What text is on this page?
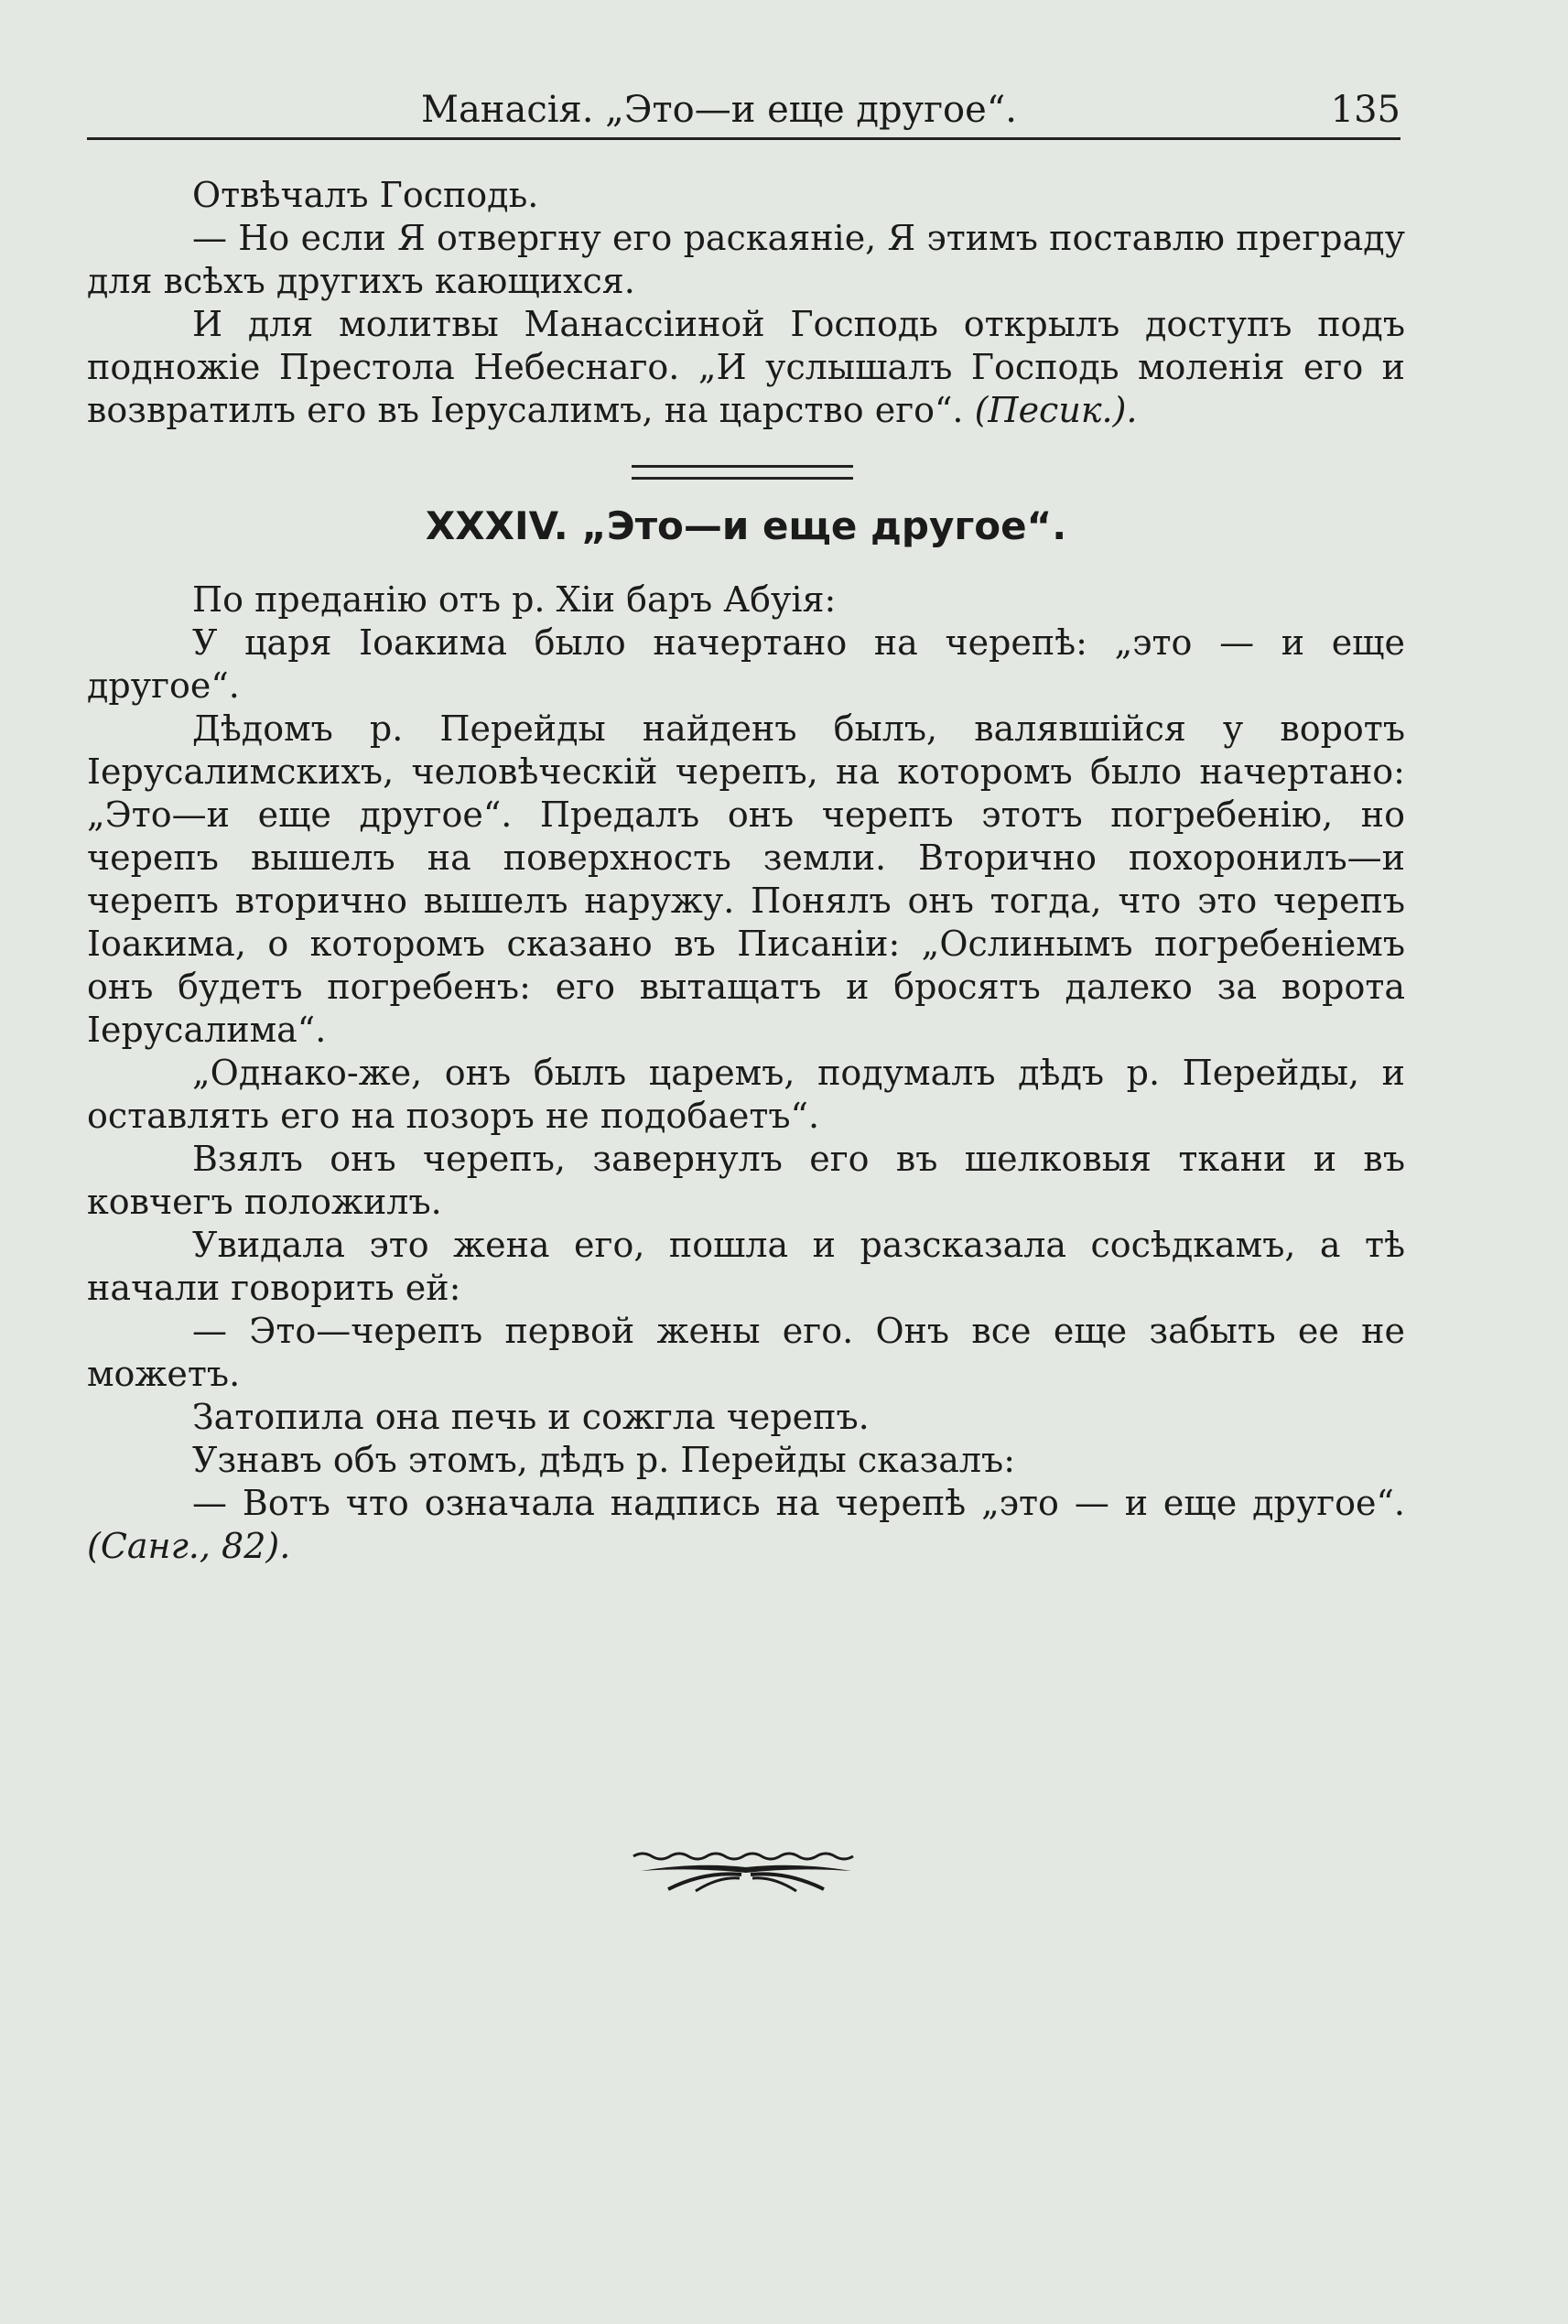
Манасія. „Это—и еще другое“.	135

Отвѣчалъ Господь.

— Но если Я отвергну его раскаяніе, Я этимъ поставлю преграду для всѣхъ другихъ кающихся.

И для молитвы Манассіиной Господь открылъ доступъ подъ подножіе Престола Небеснаго. „И услышалъ Господь моленія его и возвратилъ его въ Іерусалимъ, на царство его“. (Песик.).

XXXIV. „Это—и еще другое“.

По преданію отъ р. Хіи баръ Абуія:

У царя Іоакима было начертано на черепѣ: „это — и еще другое“.

Дѣдомъ р. Перейды найденъ былъ, валявшійся у воротъ Іерусалимскихъ, человѣческій черепъ, на которомъ было начертано: „Это—и еще другое“. Предалъ онъ черепъ этотъ погребенію, но черепъ вышелъ на поверхность земли. Вторично похоронилъ—и черепъ вторично вышелъ наружу. Понялъ онъ тогда, что это черепъ Іоакима, о которомъ сказано въ Писаніи: „Ослинымъ погребеніемъ онъ будетъ погребенъ: его вытащатъ и бросятъ далеко за ворота Іерусалима“.

„Однако-же, онъ былъ царемъ, подумалъ дѣдъ р. Перейды, и оставлять его на позоръ не подобаетъ“.

Взялъ онъ черепъ, завернулъ его въ шелковыя ткани и въ ковчегъ положилъ.

Увидала это жена его, пошла и разсказала сосѣдкамъ, а тѣ начали говорить ей:

— Это—черепъ первой жены его. Онъ все еще забыть ее не можетъ.

Затопила она печь и сожгла черепъ.

Узнавъ объ этомъ, дѣдъ р. Перейды сказалъ:

— Вотъ что означала надпись на черепѣ „это — и еще другое“. (Санг., 82).
